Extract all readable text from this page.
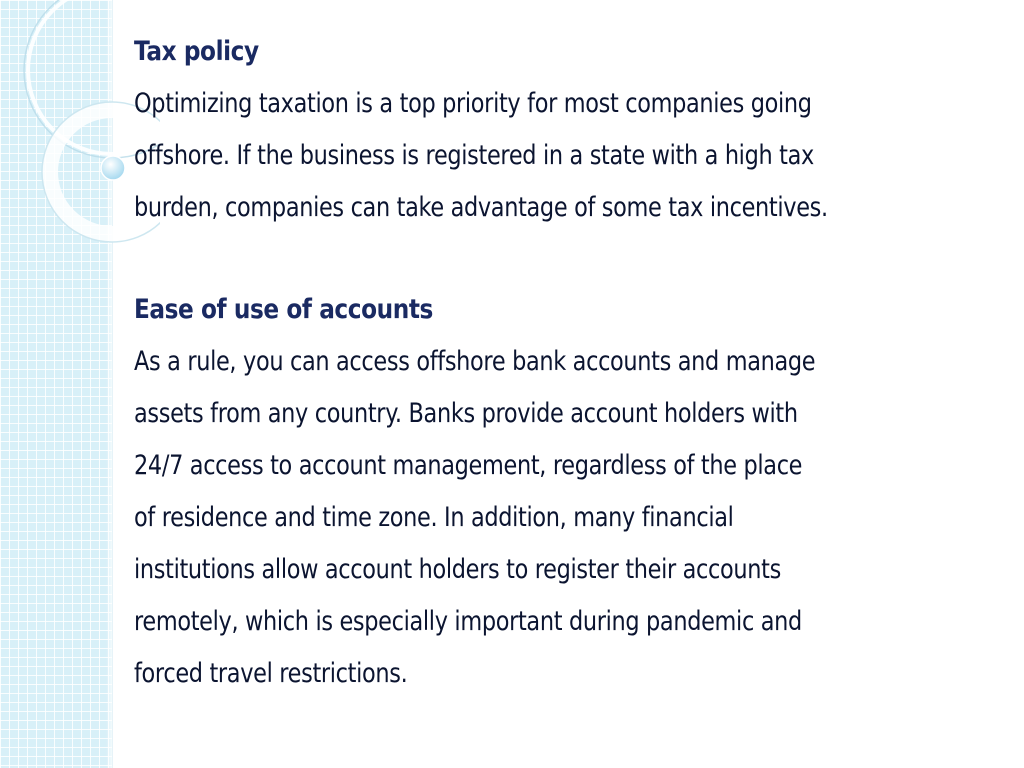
Tax policy

Optimizing taxation is a top priority for most companies going
offshore. If the business is registered in a state with a high tax
burden, companies can take advantage of some tax incentives.

Ease of use of accounts

As a rule, you can access offshore bank accounts and manage
assets from any country. Banks provide account holders with
24/7 access to account management, regardless of the place
of residence and time zone. In addition, many financial
institutions allow account holders to register their accounts
remotely, which is especially important during pandemic and
forced travel restrictions.
